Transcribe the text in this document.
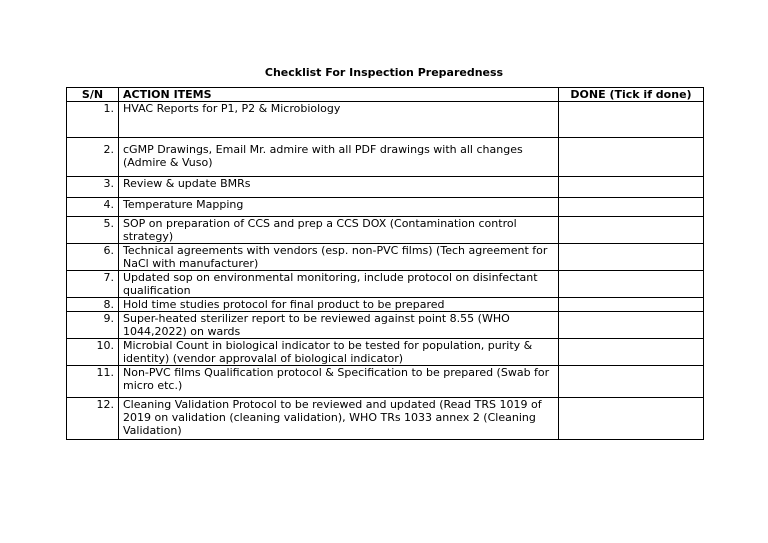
Checklist For Inspection Preparedness
S/N	ACTION ITEMS	DONE (Tick if done)
1.	HVAC Reports for P1, P2 & Microbiology	
2.	cGMP Drawings, Email Mr. admire with all PDF drawings with all changes (Admire & Vuso)	
3.	Review & update BMRs	
4.	Temperature Mapping	
5.	SOP on preparation of CCS and prep a CCS DOX (Contamination control strategy)	
6.	Technical agreements with vendors (esp. non-PVC films) (Tech agreement for NaCl with manufacturer)	
7.	Updated sop on environmental monitoring, include protocol on disinfectant qualification	
8.	Hold time studies protocol for final product to be prepared	
9.	Super-heated sterilizer report to be reviewed against point 8.55 (WHO 1044,2022) on wards	
10.	Microbial Count in biological indicator to be tested for population, purity & identity) (vendor approvalal of biological indicator)	
11.	Non-PVC films Qualification protocol & Specification to be prepared (Swab for micro etc.)	
12.	Cleaning Validation Protocol to be reviewed and updated (Read TRS 1019 of 2019 on validation (cleaning validation), WHO TRs 1033 annex 2 (Cleaning Validation)	
